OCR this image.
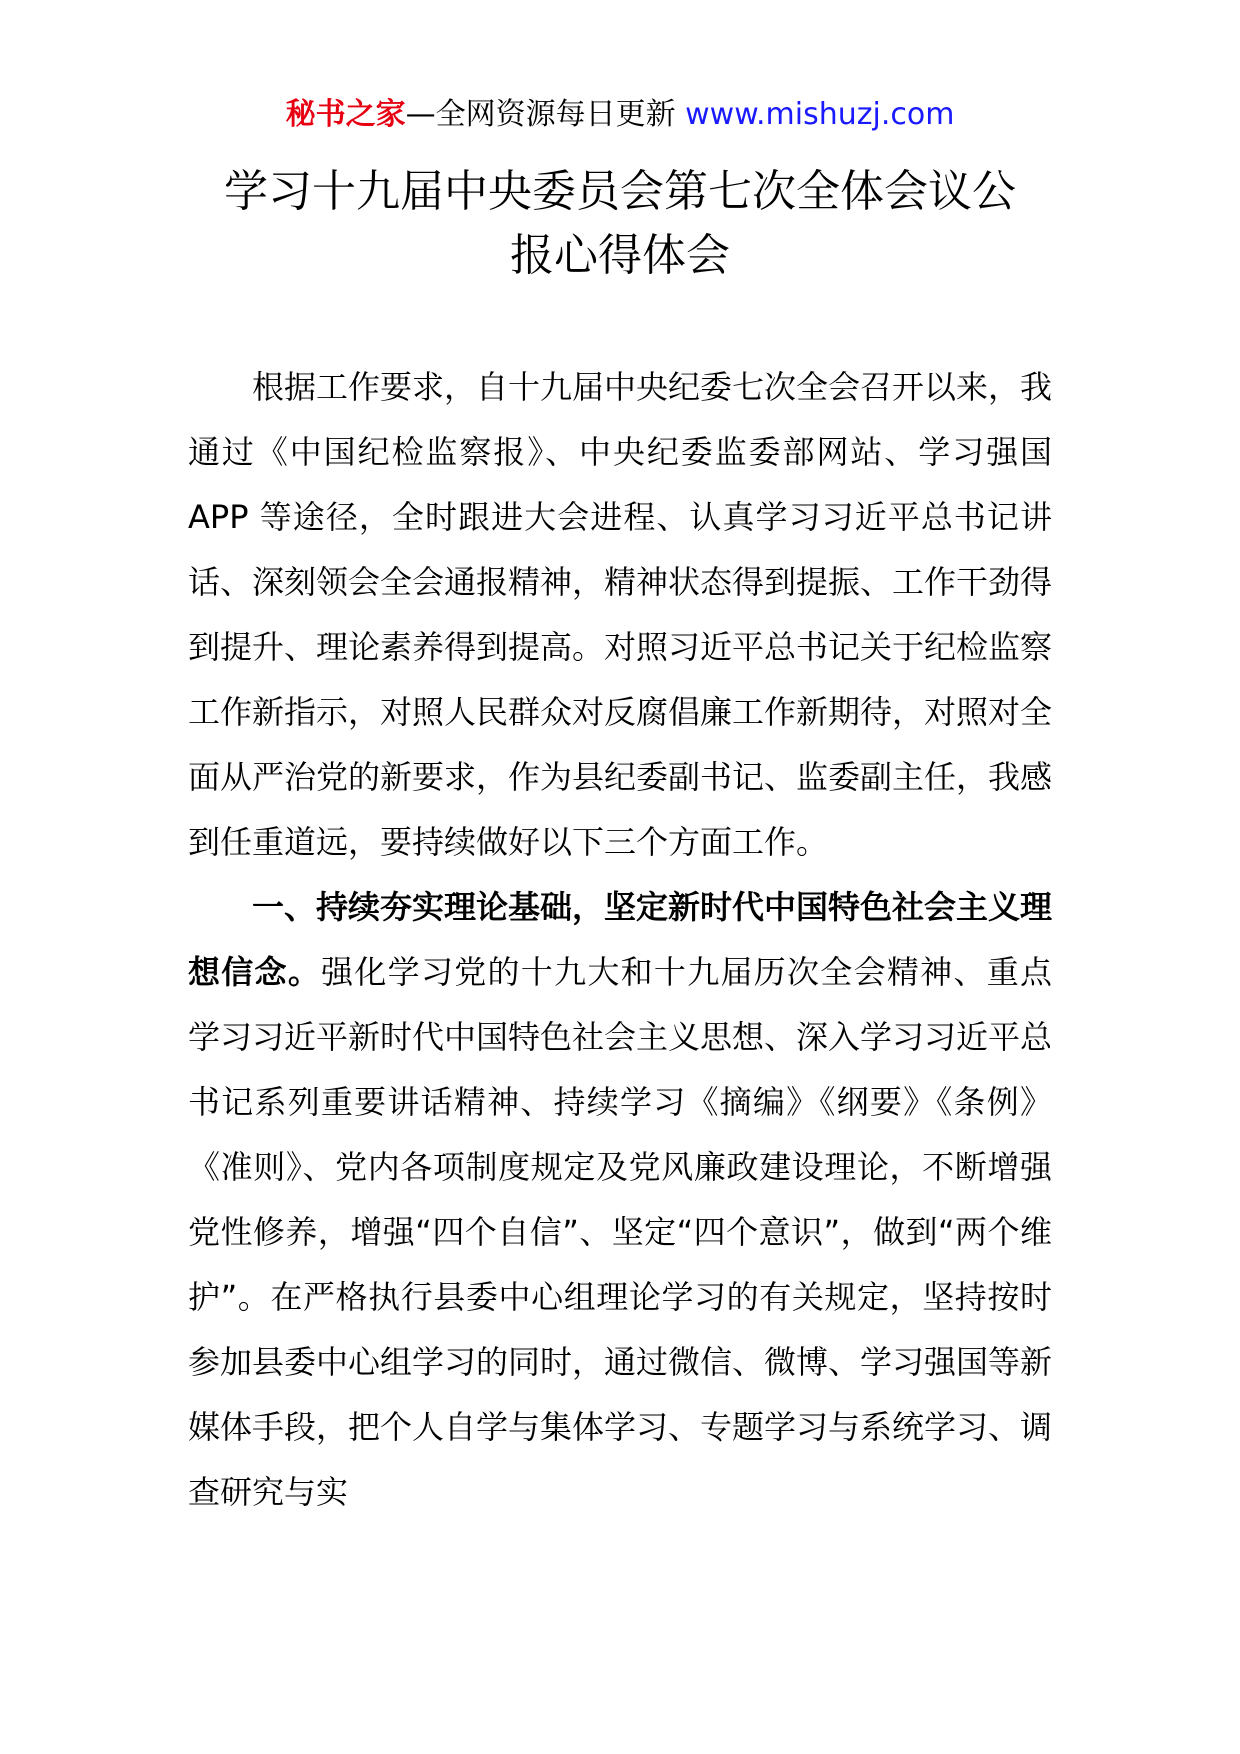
秘书之家—全网资源每日更新 www.mishuzj.com
学习十九届中央委员会第七次全体会议公
报心得体会

根据工作要求，自十九届中央纪委七次全会召开以来，我通过《中国纪检监察报》、中央纪委监委部网站、学习强国 APP 等途径，全时跟进大会进程、认真学习习近平总书记讲话、深刻领会全会通报精神，精神状态得到提振、工作干劲得到提升、理论素养得到提高。对照习近平总书记关于纪检监察工作新指示，对照人民群众对反腐倡廉工作新期待，对照对全面从严治党的新要求，作为县纪委副书记、监委副主任，我感到任重道远，要持续做好以下三个方面工作。

一、持续夯实理论基础，坚定新时代中国特色社会主义理想信念。强化学习党的十九大和十九届历次全会精神、重点学习习近平新时代中国特色社会主义思想、深入学习习近平总书记系列重要讲话精神、持续学习《摘编》《纲要》《条例》《准则》、党内各项制度规定及党风廉政建设理论，不断增强党性修养，增强“四个自信”、坚定“四个意识”，做到“两个维护”。在严格执行县委中心组理论学习的有关规定，坚持按时参加县委中心组学习的同时，通过微信、微博、学习强国等新媒体手段，把个人自学与集体学习、专题学习与系统学习、调查研究与实
